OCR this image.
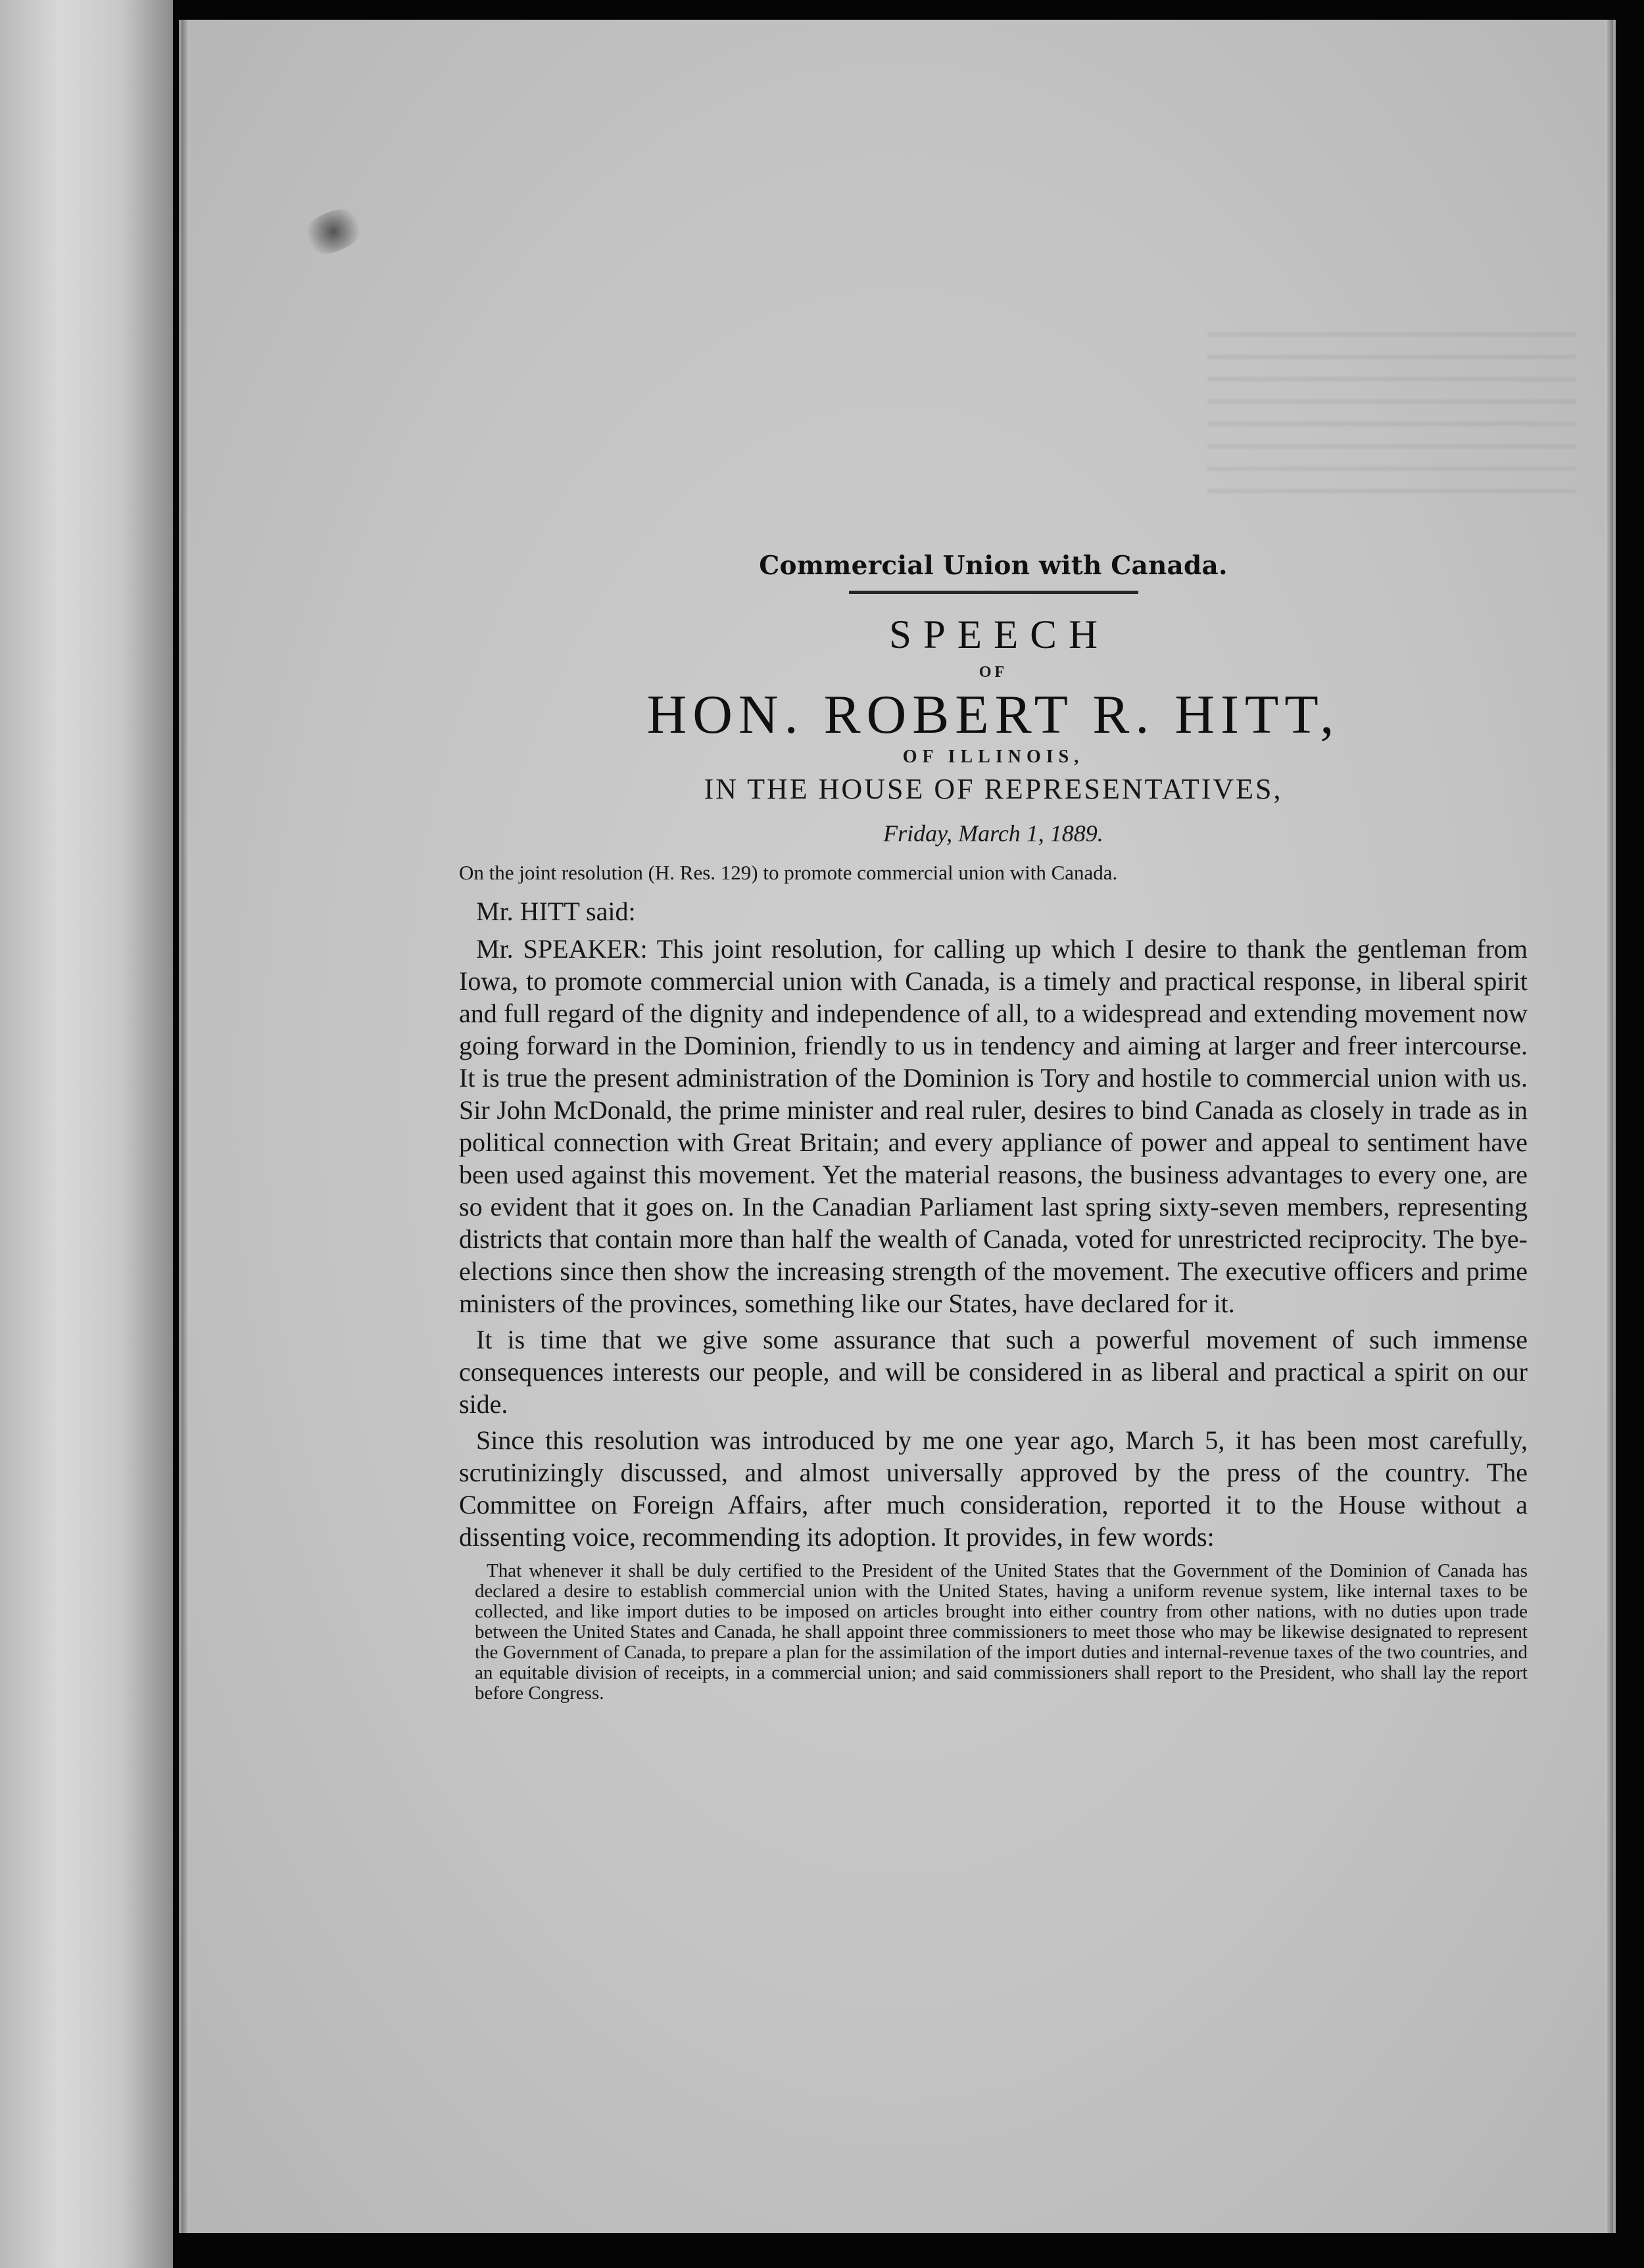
Commercial Union with Canada.
SPEECH
OF
HON. ROBERT R. HITT,
OF ILLINOIS,
IN THE HOUSE OF REPRESENTATIVES,
Friday, March 1, 1889.
On the joint resolution (H. Res. 129) to promote commercial union with Canada.
Mr. HITT said:

Mr. SPEAKER: This joint resolution, for calling up which I desire to thank the gentleman from Iowa, to promote commercial union with Canada, is a timely and practical response, in liberal spirit and full regard of the dignity and independence of all, to a widespread and extending movement now going forward in the Dominion, friendly to us in tendency and aiming at larger and freer intercourse. It is true the present administration of the Dominion is Tory and hostile to commercial union with us. Sir John McDonald, the prime minister and real ruler, desires to bind Canada as closely in trade as in political connection with Great Britain; and every appliance of power and appeal to sentiment have been used against this movement. Yet the material reasons, the business advantages to every one, are so evident that it goes on. In the Canadian Parliament last spring sixty-seven members, representing districts that contain more than half the wealth of Canada, voted for unrestricted reciprocity. The bye-elections since then show the increasing strength of the movement. The executive officers and prime ministers of the provinces, something like our States, have declared for it.

It is time that we give some assurance that such a powerful movement of such immense consequences interests our people, and will be considered in as liberal and practical a spirit on our side.

Since this resolution was introduced by me one year ago, March 5, it has been most carefully, scrutinizingly discussed, and almost universally approved by the press of the country. The Committee on Foreign Affairs, after much consideration, reported it to the House without a dissenting voice, recommending its adoption. It provides, in few words:

That whenever it shall be duly certified to the President of the United States that the Government of the Dominion of Canada has declared a desire to establish commercial union with the United States, having a uniform revenue system, like internal taxes to be collected, and like import duties to be imposed on articles brought into either country from other nations, with no duties upon trade between the United States and Canada, he shall appoint three commissioners to meet those who may be likewise designated to represent the Government of Canada, to prepare a plan for the assimilation of the import duties and internal-revenue taxes of the two countries, and an equitable division of receipts, in a commercial union; and said commissioners shall report to the President, who shall lay the report before Congress.
